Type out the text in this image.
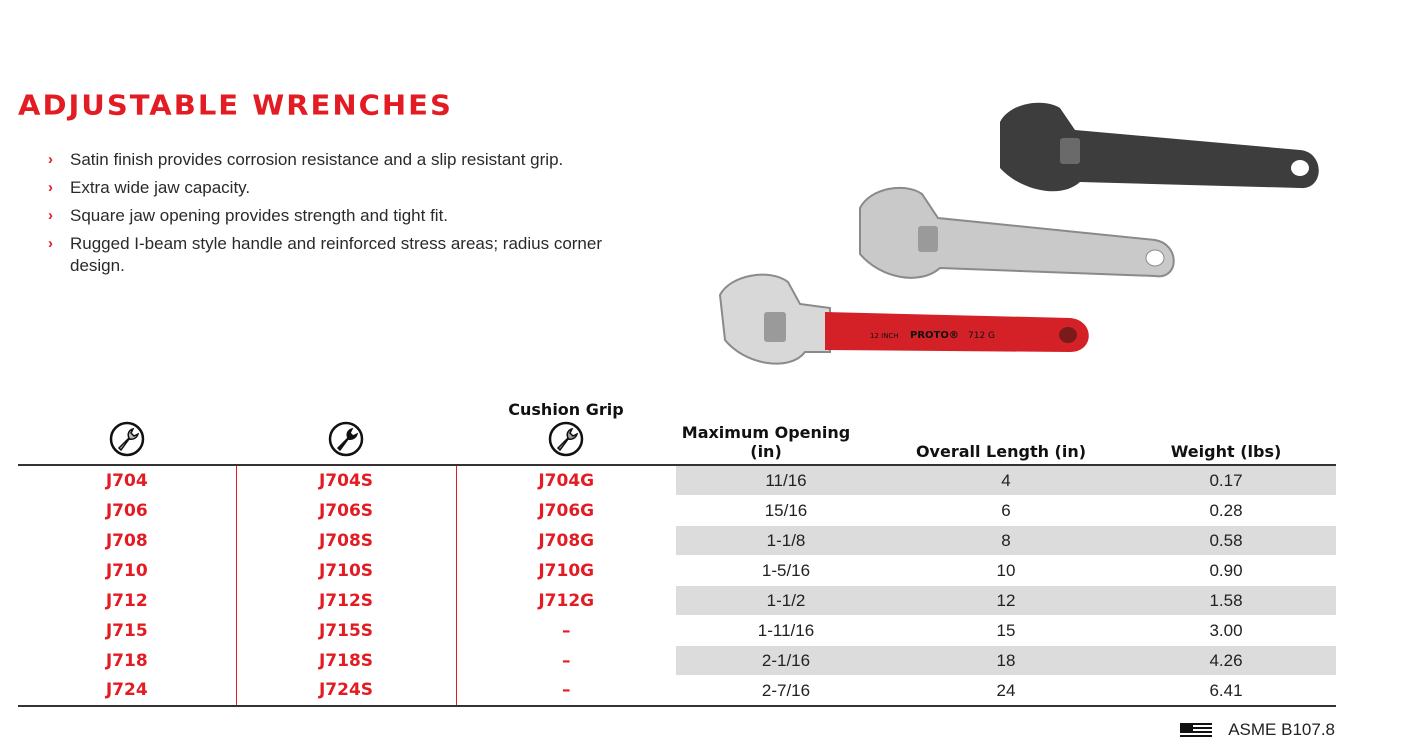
ADJUSTABLE WRENCHES
› Satin finish provides corrosion resistance and a slip resistant grip.
› Extra wide jaw capacity.
› Square jaw opening provides strength and tight fit.
› Rugged I-beam style handle and reinforced stress areas; radius corner design.
12 INCH PROTO® 712 G

Cushion Grip	Maximum Opening (in)	Overall Length (in)	Weight (lbs)
J704	J704S	J704G	11/16	4	0.17
J706	J706S	J706G	15/16	6	0.28
J708	J708S	J708G	1-1/8	8	0.58
J710	J710S	J710G	1-5/16	10	0.90
J712	J712S	J712G	1-1/2	12	1.58
J715	J715S	–	1-11/16	15	3.00
J718	J718S	–	2-1/16	18	4.26
J724	J724S	–	2-7/16	24	6.41
ASME B107.8
